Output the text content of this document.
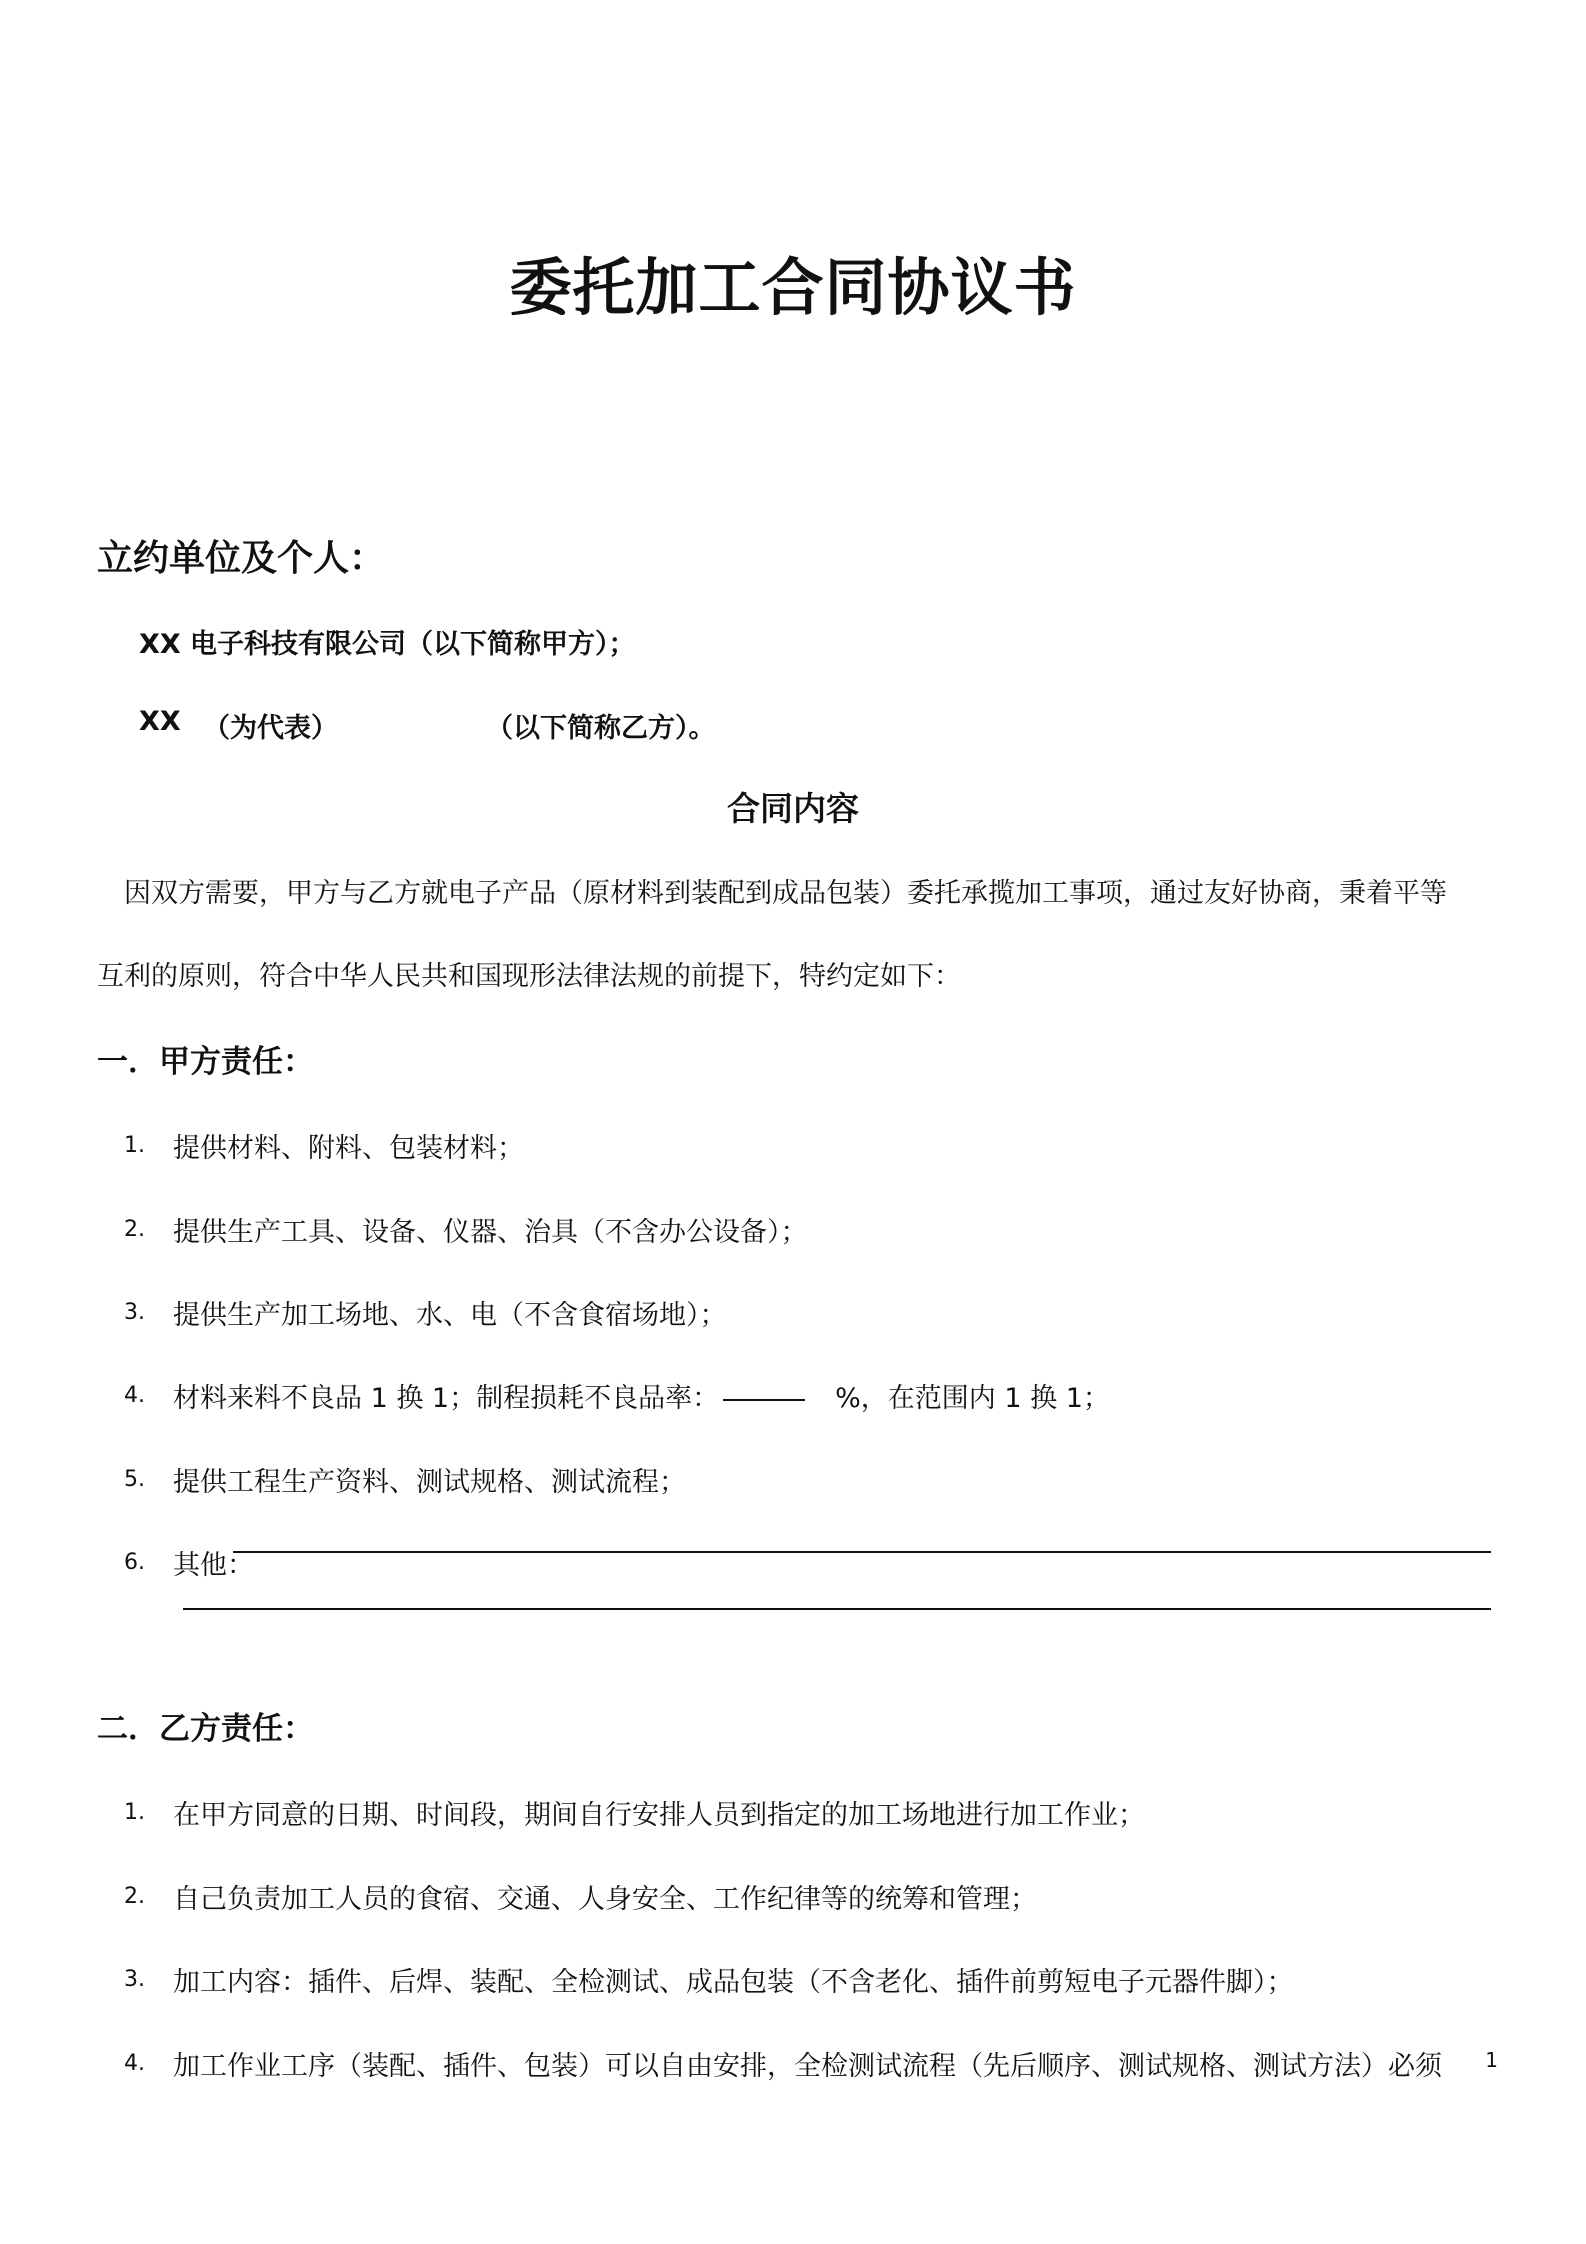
委托加工合同协议书
立约单位及个人：
XX 电子科技有限公司（以下简称甲方）；
XX （为代表）	（以下简称乙方）。
合同内容
因双方需要，甲方与乙方就电子产品（原材料到装配到成品包装）委托承揽加工事项，通过友好协商，秉着平等
互利的原则，符合中华人民共和国现形法律法规的前提下，特约定如下：
一．甲方责任：
1.	提供材料、附料、包装材料；
2.	提供生产工具、设备、仪器、治具（不含办公设备）；
3.	提供生产加工场地、水、电（不含食宿场地）；
4.	材料来料不良品 1 换 1；制程损耗不良品率：	%，在范围内 1 换 1；
5.	提供工程生产资料、测试规格、测试流程；
6.	其他：
二．乙方责任：
1.	在甲方同意的日期、时间段，期间自行安排人员到指定的加工场地进行加工作业；
2.	自己负责加工人员的食宿、交通、人身安全、工作纪律等的统筹和管理；
3.	加工内容：插件、后焊、装配、全检测试、成品包装（不含老化、插件前剪短电子元器件脚）；
4.	加工作业工序（装配、插件、包装）可以自由安排，全检测试流程（先后顺序、测试规格、测试方法）必须 1
